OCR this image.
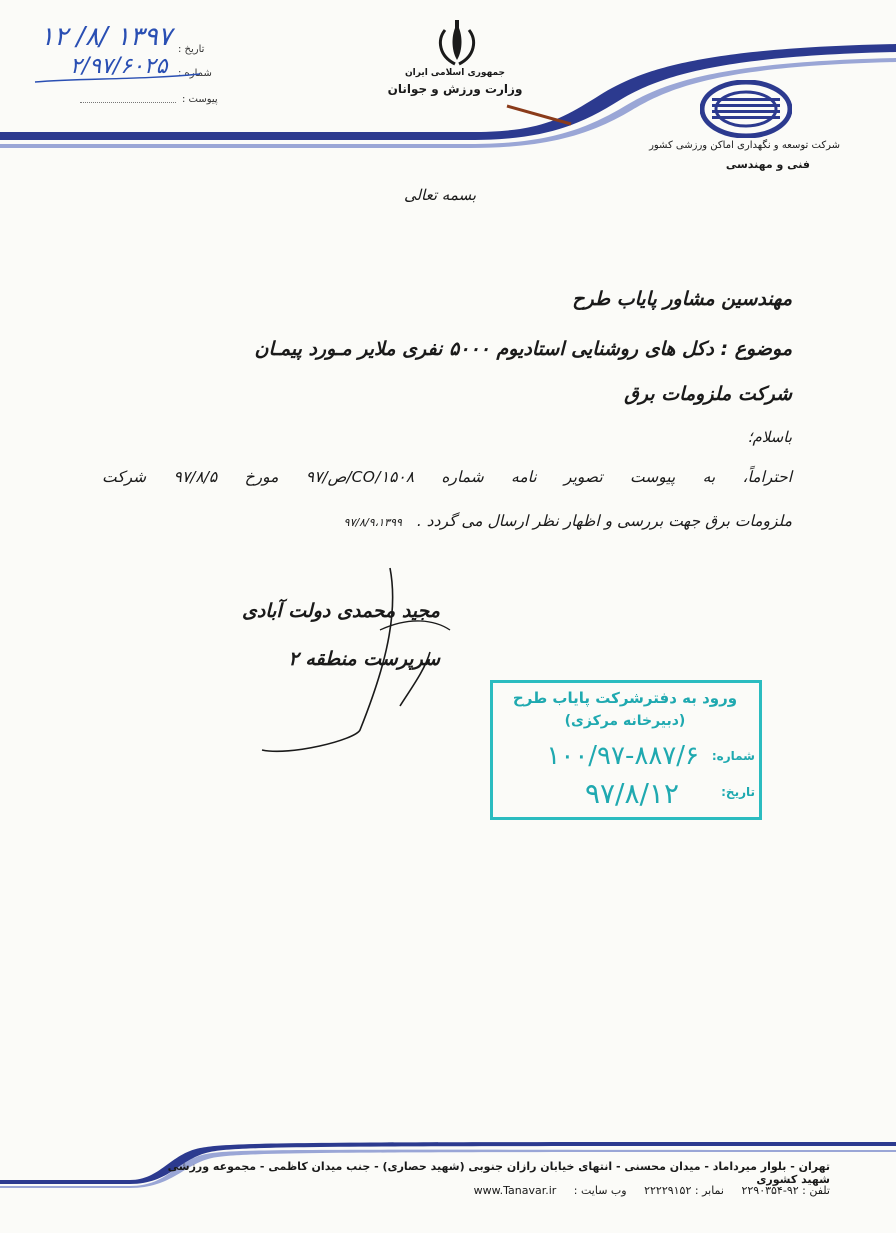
تاریخ :
شماره :
پیوست :
۱۳۹۷ /۸/ ۱۲
۲/۹۷/۶۰۲۵	جمهوری اسلامی ایران
وزارت ورزش و جوانان
شرکت توسعه و نگهداری اماکن ورزشی کشور
فنی و مهندسی
بسمه تعالی
مهندسین مشاور پایاب طرح
موضوع : دکل های روشنایی استادیوم ۵۰۰۰ نفری ملایر مـورد پیمـان
شرکت ملزومات برق
باسلام؛
احتراماً، به پیوست تصویر نامه شماره CO/۱۵۰۸/ص/۹۷ مورخ ۹۷/۸/۵ شرکت
ملزومات برق جهت بررسی و اظهار نظر ارسال می گردد . ۹۷/۸/۹،۱۳۹۹
مجید محمدی دولت آبادی
سرپرست منطقه ۲
ورود به دفترشرکت پایاب طرح
(دبیرخانه مرکزی)
شماره:
۱۰۰/۹۷-۸۸۷/۶
تاریخ:
۹۷/۸/۱۲
تهران - بلوار میرداماد - میدان محسنی - انتهای خیابان رازان جنوبی (شهید حصاری) - جنب میدان کاظمی - مجموعه ورزشی شهید کشوری
تلفن : ۹۲-۲۲۹۰۳۵۴ نمابر : ۲۲۲۲۹۱۵۲ وب سایت : www.Tanavar.ir
